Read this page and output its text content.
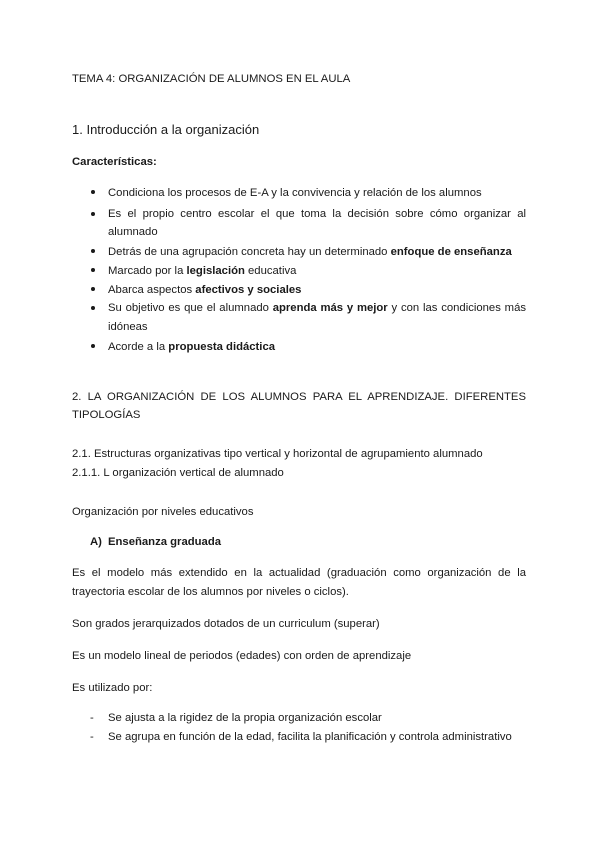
TEMA 4: ORGANIZACIÓN DE ALUMNOS EN EL AULA
1. Introducción a la organización
Características:
Condiciona los procesos de E-A y la convivencia y relación de los alumnos
Es el propio centro escolar el que toma la decisión sobre cómo organizar al
alumnado
Detrás de una agrupación concreta hay un determinado enfoque de enseñanza
Marcado por la legislación educativa
Abarca aspectos afectivos y sociales
Su objetivo es que el alumnado aprenda más y mejor y con las condiciones más
idóneas
Acorde a la propuesta didáctica
2. LA ORGANIZACIÓN DE LOS ALUMNOS PARA EL APRENDIZAJE. DIFERENTES
TIPOLOGÍAS
2.1. Estructuras organizativas tipo vertical y horizontal de agrupamiento alumnado
2.1.1. L organización vertical de alumnado
Organización por niveles educativos
A) Enseñanza graduada
Es el modelo más extendido en la actualidad (graduación como organización de la
trayectoria escolar de los alumnos por niveles o ciclos).
Son grados jerarquizados dotados de un curriculum (superar)
Es un modelo lineal de periodos (edades) con orden de aprendizaje
Es utilizado por:
- Se ajusta a la rigidez de la propia organización escolar
- Se agrupa en función de la edad, facilita la planificación y controla administrativo
